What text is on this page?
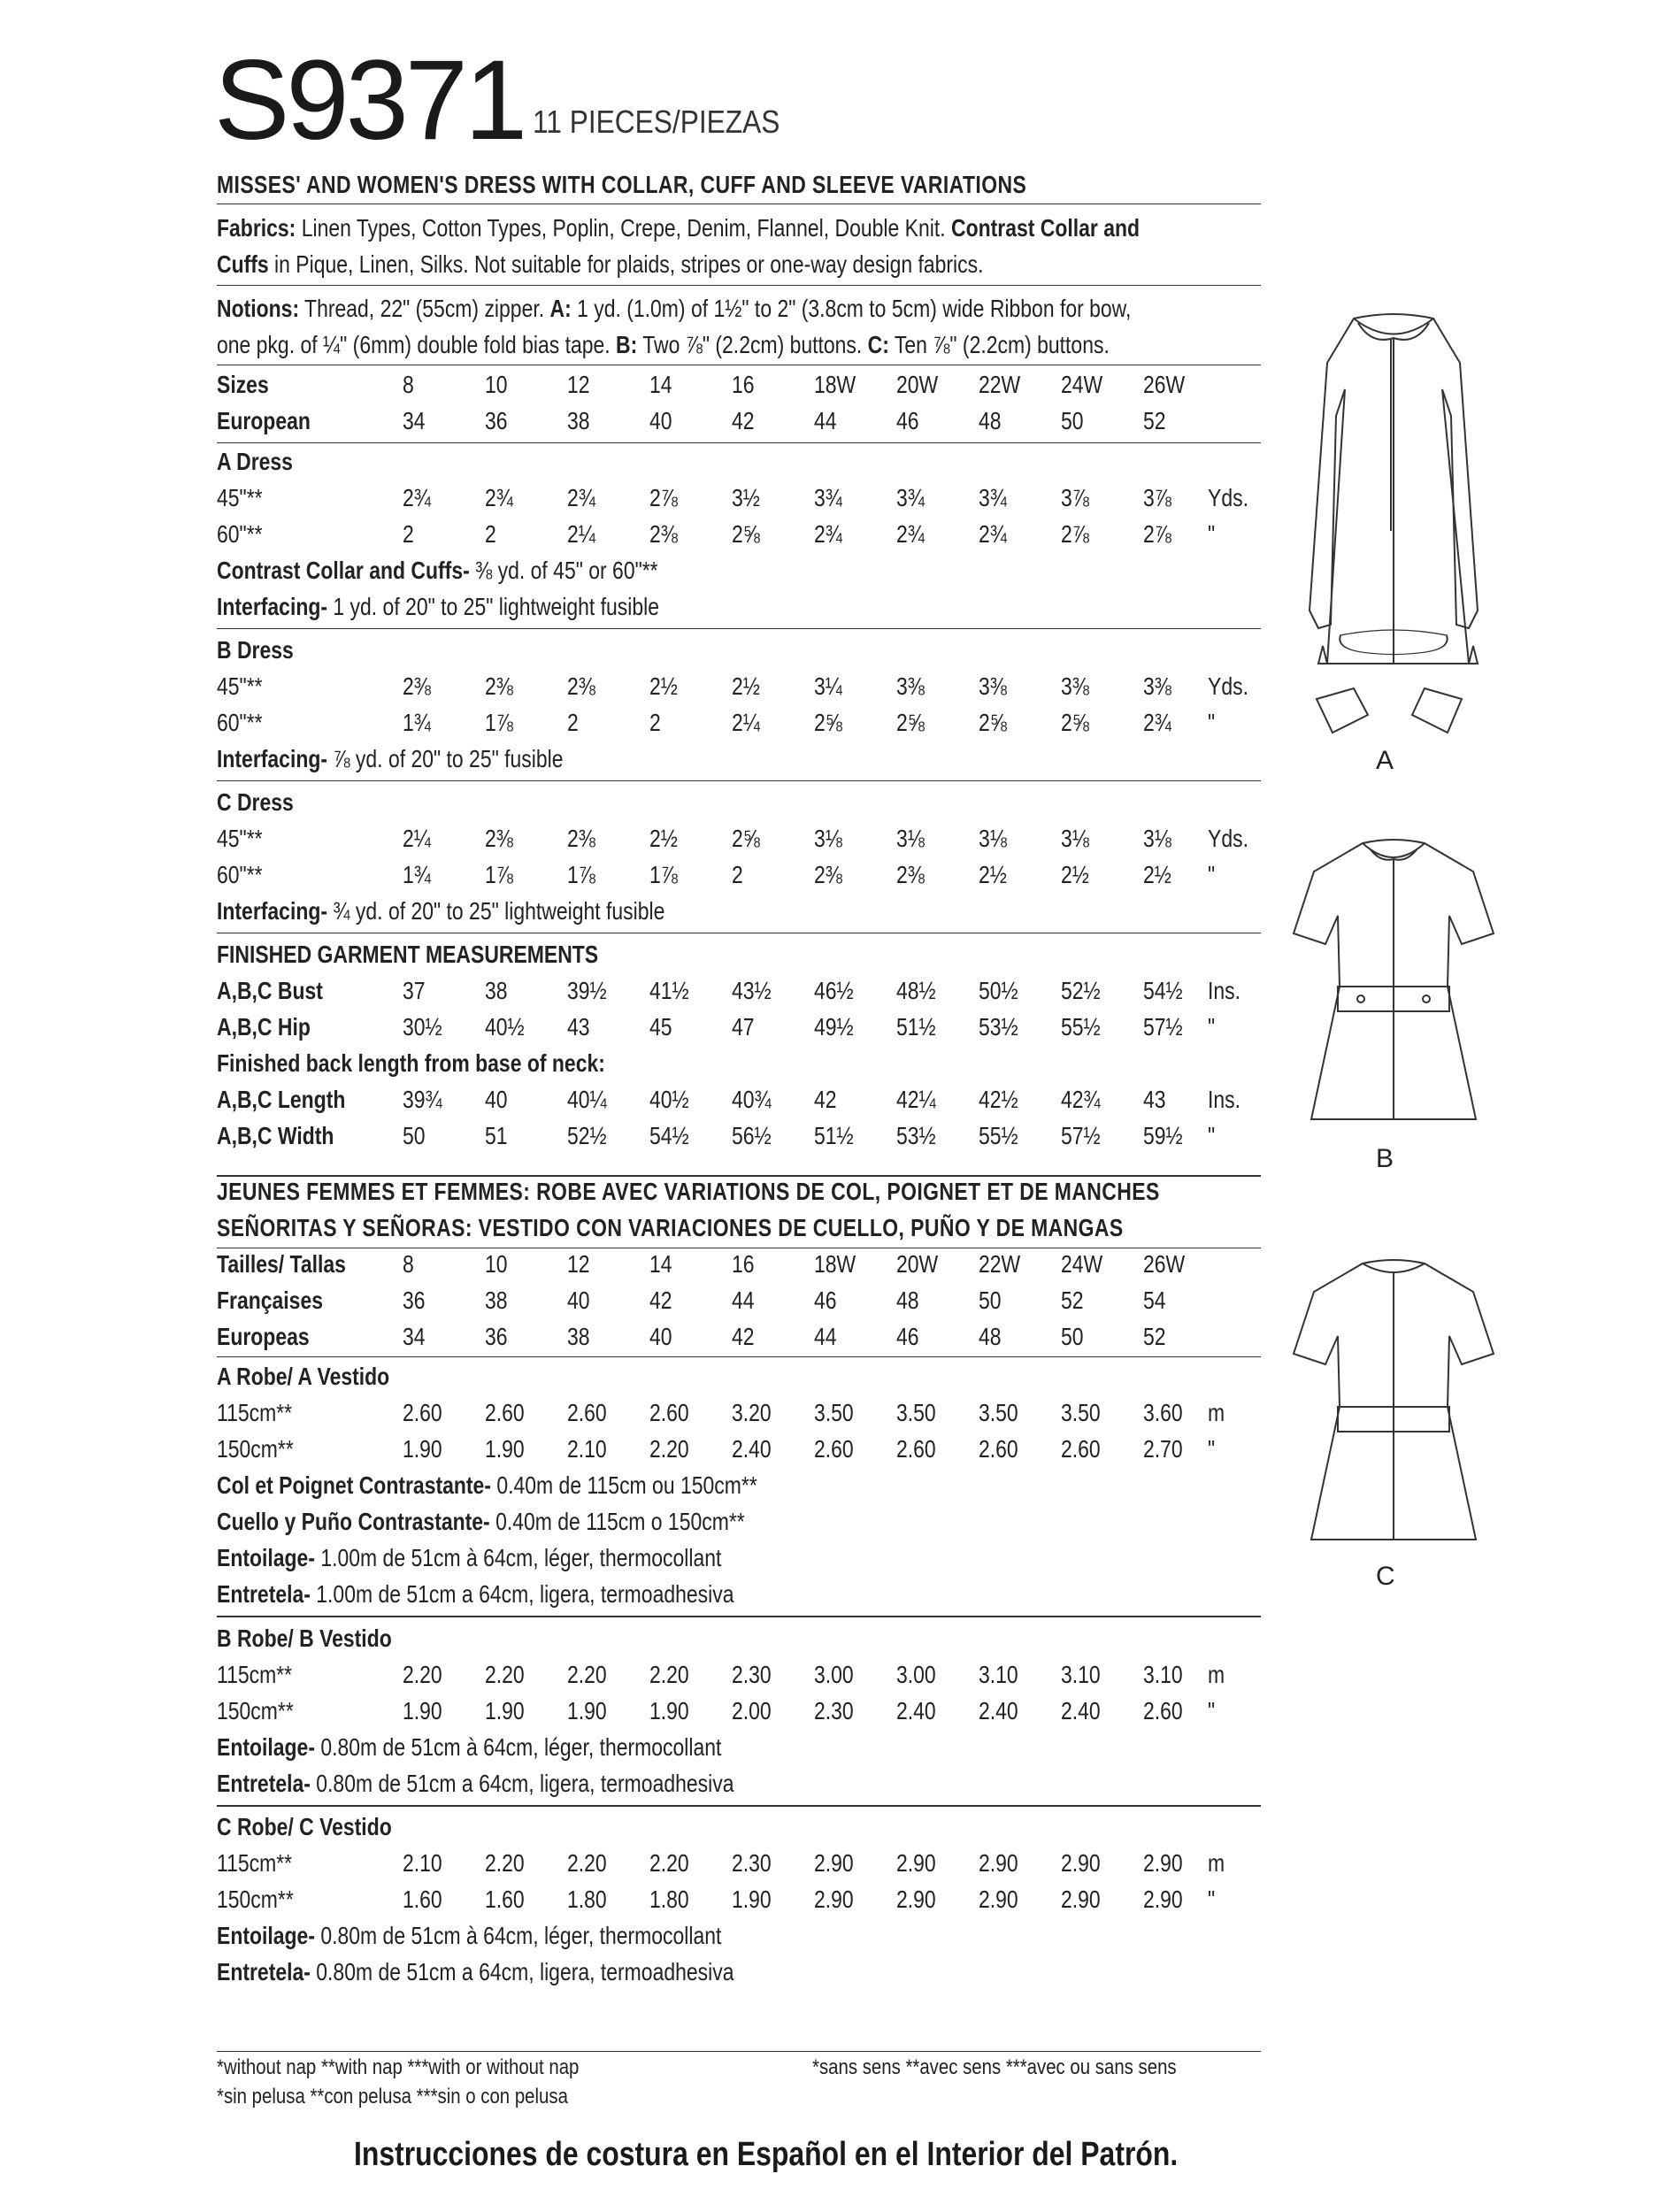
S9371 11 PIECES/PIEZAS
MISSES' AND WOMEN'S DRESS WITH COLLAR, CUFF AND SLEEVE VARIATIONS
Fabrics: Linen Types, Cotton Types, Poplin, Crepe, Denim, Flannel, Double Knit. Contrast Collar and
Cuffs in Pique, Linen, Silks. Not suitable for plaids, stripes or one-way design fabrics.
Notions: Thread, 22" (55cm) zipper. A: 1 yd. (1.0m) of 1½" to 2" (3.8cm to 5cm) wide Ribbon for bow,
one pkg. of ¼" (6mm) double fold bias tape. B: Two ⅞" (2.2cm) buttons. C: Ten ⅞" (2.2cm) buttons.
Sizes	8	10 12 14 16 18W 20W 22W 24W 26W
European	34 36 38 40 42 44 46 48 50 52
A Dress
45"**	2¾ 2¾ 2¾ 2⅞ 3½ 3¾ 3¾ 3¾ 3⅞ 3⅞ Yds.
60"**	2	2	2¼ 2⅜ 2⅝ 2¾ 2¾ 2¾ 2⅞ 2⅞ "
Contrast Collar and Cuffs- ⅜ yd. of 45" or 60"**
Interfacing- 1 yd. of 20" to 25" lightweight fusible
B Dress
45"**	2⅜ 2⅜ 2⅜ 2½ 2½ 3¼ 3⅜ 3⅜ 3⅜ 3⅜ Yds.
60"**	1¾ 1⅞ 2	2	2¼ 2⅝ 2⅝ 2⅝ 2⅝ 2¾ "
Interfacing- ⅞ yd. of 20" to 25" fusible
C Dress
45"**	2¼ 2⅜ 2⅜ 2½ 2⅝ 3⅛ 3⅛ 3⅛ 3⅛ 3⅛ Yds.
60"**	1¾ 1⅞ 1⅞ 1⅞ 2	2⅜ 2⅜ 2½ 2½ 2½ "
Interfacing- ¾ yd. of 20" to 25" lightweight fusible
FINISHED GARMENT MEASUREMENTS
A,B,C Bust	37 38 39½ 41½ 43½ 46½ 48½ 50½ 52½ 54½ Ins.
A,B,C Hip	30½ 40½ 43 45 47 49½ 51½ 53½ 55½ 57½ "
Finished back length from base of neck:
A,B,C Length 39¾ 40 40¼ 40½ 40¾ 42 42¼ 42½ 42¾ 43 Ins.
A,B,C Width	50 51 52½ 54½ 56½ 51½ 53½ 55½ 57½ 59½ "
JEUNES FEMMES ET FEMMES: ROBE AVEC VARIATIONS DE COL, POIGNET ET DE MANCHES
SEÑORITAS Y SEÑORAS: VESTIDO CON VARIACIONES DE CUELLO, PUÑO Y DE MANGAS
Tailles/ Tallas 8	10 12 14 16 18W 20W 22W 24W 26W
Françaises	36 38 40 42 44 46 48 50 52 54
Europeas	34 36 38 40 42 44 46 48 50 52
A Robe/ A Vestido
115cm**	2.60 2.60 2.60 2.60 3.20 3.50 3.50 3.50 3.50 3.60 m
150cm**	1.90 1.90 2.10 2.20 2.40 2.60 2.60 2.60 2.60 2.70 "
Col et Poignet Contrastante- 0.40m de 115cm ou 150cm**
Cuello y Puño Contrastante- 0.40m de 115cm o 150cm**
Entoilage- 1.00m de 51cm à 64cm, léger, thermocollant
Entretela- 1.00m de 51cm a 64cm, ligera, termoadhesiva
B Robe/ B Vestido
115cm**	2.20 2.20 2.20 2.20 2.30 3.00 3.00 3.10 3.10 3.10 m
150cm**	1.90 1.90 1.90 1.90 2.00 2.30 2.40 2.40 2.40 2.60 "
Entoilage- 0.80m de 51cm à 64cm, léger, thermocollant
Entretela- 0.80m de 51cm a 64cm, ligera, termoadhesiva
C Robe/ C Vestido
115cm**	2.10 2.20 2.20 2.20 2.30 2.90 2.90 2.90 2.90 2.90 m
150cm**	1.60 1.60 1.80 1.80 1.90 2.90 2.90 2.90 2.90 2.90 "
Entoilage- 0.80m de 51cm à 64cm, léger, thermocollant
Entretela- 0.80m de 51cm a 64cm, ligera, termoadhesiva
*without nap **with nap ***with or without nap	*sans sens **avec sens ***avec ou sans sens
*sin pelusa **con pelusa ***sin o con pelusa
Instrucciones de costura en Español en el Interior del Patrón.
A
B
C
